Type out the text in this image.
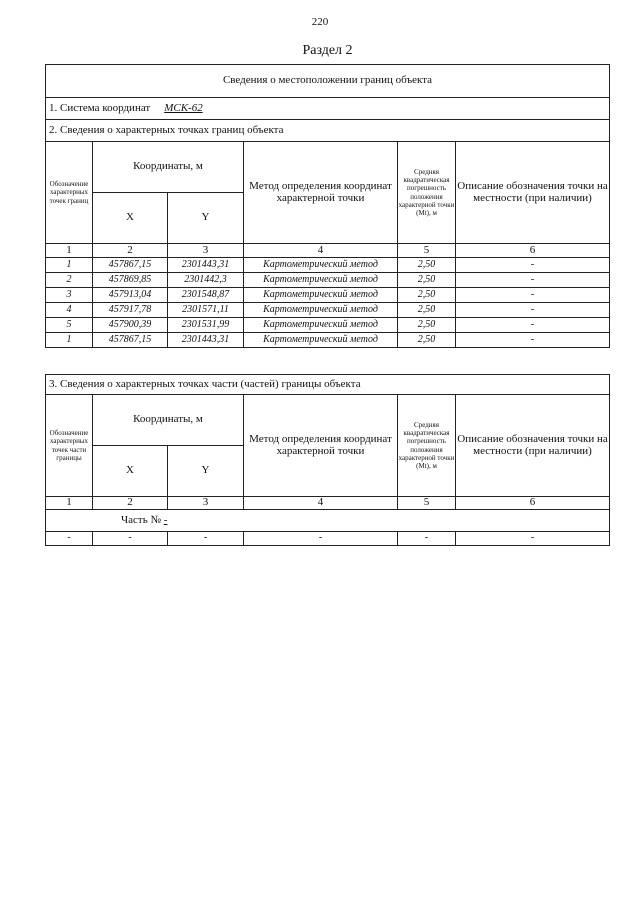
220
Раздел 2
Сведения о местоположении границ объекта					
1. Система координат МСК-62					
2. Сведения о характерных точках границ объекта					
Обозначение характерных точек границ	Координаты, м		Метод определения координат характерной точки	Средняя квадратическая погрешность положения характерной точки (Mt), м	Описание обозначения точки на местности (при наличии)
	X	Y			
1	2	3	4	5	6
1	457867,15	2301443,31	Картометрический метод	2,50	-
2	457869,85	2301442,3	Картометрический метод	2,50	-
3	457913,04	2301548,87	Картометрический метод	2,50	-
4	457917,78	2301571,11	Картометрический метод	2,50	-
5	457900,39	2301531,99	Картометрический метод	2,50	-
1	457867,15	2301443,31	Картометрический метод	2,50	-
3. Сведения о характерных точках части (частей) границы объекта					
Обозначение характерных точек части границы	Координаты, м		Метод определения координат характерной точки	Средняя квадратическая погрешность положения характерной точки (Mt), м	Описание обозначения точки на местности (при наличии)
	X	Y			
1	2	3	4	5	6
Часть № -					
-	-	-	-	-	-
